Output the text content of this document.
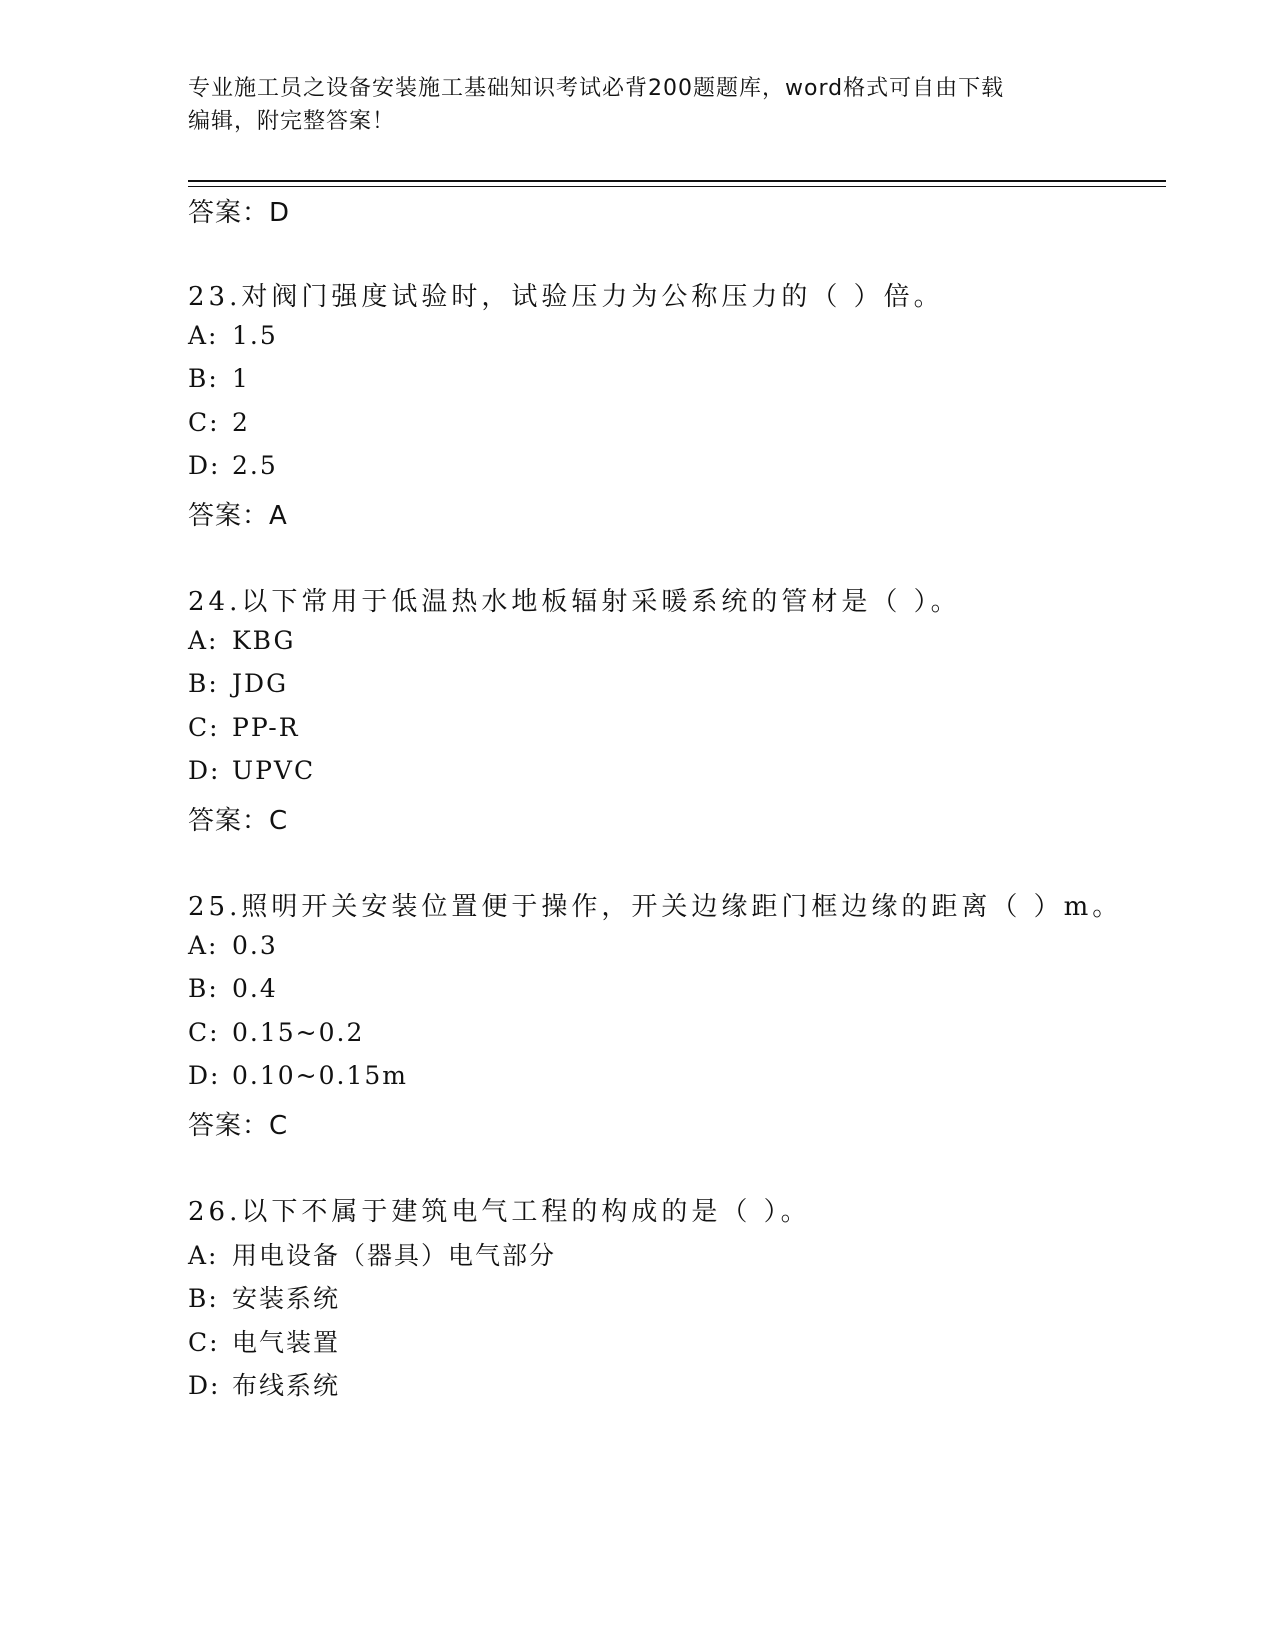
专业施工员之设备安装施工基础知识考试必背200题题库，word格式可自由下载
编辑，附完整答案！
答案：D
23.对阀门强度试验时，试验压力为公称压力的（ ）倍。
A: 1.5
B: 1
C: 2
D: 2.5
答案：A
24.以下常用于低温热水地板辐射采暖系统的管材是（ ）。
A: KBG
B: JDG
C: PP-R
D: UPVC
答案：C
25.照明开关安装位置便于操作，开关边缘距门框边缘的距离（ ）m。
A: 0.3
B: 0.4
C: 0.15~0.2
D: 0.10~0.15m
答案：C
26.以下不属于建筑电气工程的构成的是（ ）。
A: 用电设备（器具）电气部分
B: 安装系统
C: 电气装置
D: 布线系统
